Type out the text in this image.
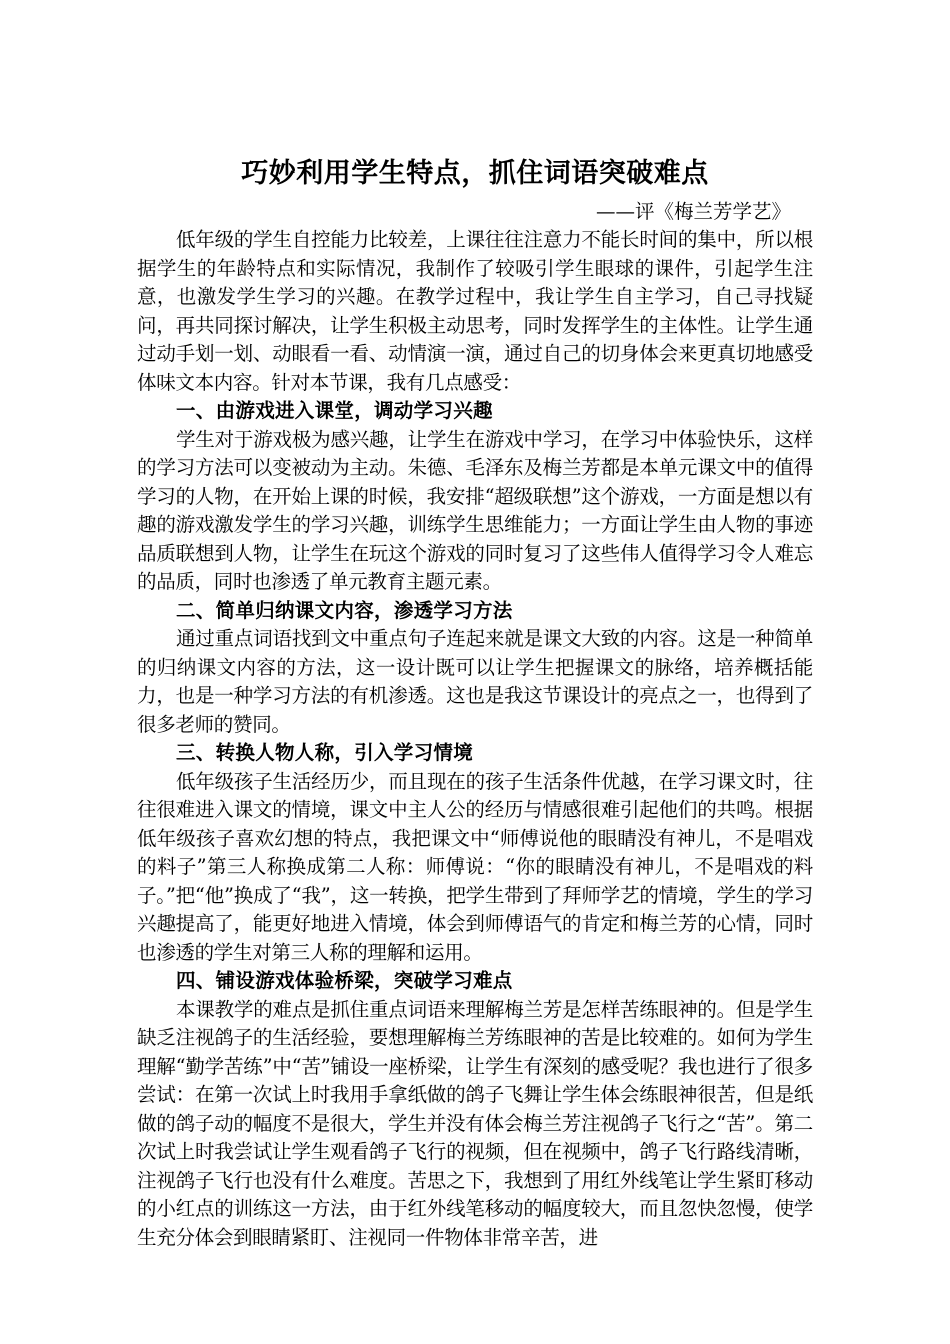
巧妙利用学生特点，抓住词语突破难点

——评《梅兰芳学艺》

低年级的学生自控能力比较差，上课往往注意力不能长时间的集中，所以根据学生的年龄特点和实际情况，我制作了较吸引学生眼球的课件，引起学生注意，也激发学生学习的兴趣。在教学过程中，我让学生自主学习，自己寻找疑问，再共同探讨解决，让学生积极主动思考，同时发挥学生的主体性。让学生通过动手划一划、动眼看一看、动情演一演，通过自己的切身体会来更真切地感受体味文本内容。针对本节课，我有几点感受：

一、由游戏进入课堂，调动学习兴趣

学生对于游戏极为感兴趣，让学生在游戏中学习，在学习中体验快乐，这样的学习方法可以变被动为主动。朱德、毛泽东及梅兰芳都是本单元课文中的值得学习的人物，在开始上课的时候，我安排“超级联想”这个游戏，一方面是想以有趣的游戏激发学生的学习兴趣，训练学生思维能力；一方面让学生由人物的事迹品质联想到人物，让学生在玩这个游戏的同时复习了这些伟人值得学习令人难忘的品质，同时也渗透了单元教育主题元素。

二、简单归纳课文内容，渗透学习方法

通过重点词语找到文中重点句子连起来就是课文大致的内容。这是一种简单的归纳课文内容的方法，这一设计既可以让学生把握课文的脉络，培养概括能力，也是一种学习方法的有机渗透。这也是我这节课设计的亮点之一，也得到了很多老师的赞同。

三、转换人物人称，引入学习情境

低年级孩子生活经历少，而且现在的孩子生活条件优越，在学习课文时，往往很难进入课文的情境，课文中主人公的经历与情感很难引起他们的共鸣。根据低年级孩子喜欢幻想的特点，我把课文中“师傅说他的眼睛没有神儿，不是唱戏的料子”第三人称换成第二人称：师傅说：“你的眼睛没有神儿，不是唱戏的料子。”把“他”换成了“我”，这一转换，把学生带到了拜师学艺的情境，学生的学习兴趣提高了，能更好地进入情境，体会到师傅语气的肯定和梅兰芳的心情，同时也渗透的学生对第三人称的理解和运用。

四、铺设游戏体验桥梁，突破学习难点

本课教学的难点是抓住重点词语来理解梅兰芳是怎样苦练眼神的。但是学生缺乏注视鸽子的生活经验，要想理解梅兰芳练眼神的苦是比较难的。如何为学生理解“勤学苦练”中“苦”铺设一座桥梁，让学生有深刻的感受呢？我也进行了很多尝试：在第一次试上时我用手拿纸做的鸽子飞舞让学生体会练眼神很苦，但是纸做的鸽子动的幅度不是很大，学生并没有体会梅兰芳注视鸽子飞行之“苦”。第二次试上时我尝试让学生观看鸽子飞行的视频，但在视频中，鸽子飞行路线清晰，注视鸽子飞行也没有什么难度。苦思之下，我想到了用红外线笔让学生紧盯移动的小红点的训练这一方法，由于红外线笔移动的幅度较大，而且忽快忽慢，使学生充分体会到眼睛紧盯、注视同一件物体非常辛苦，进
